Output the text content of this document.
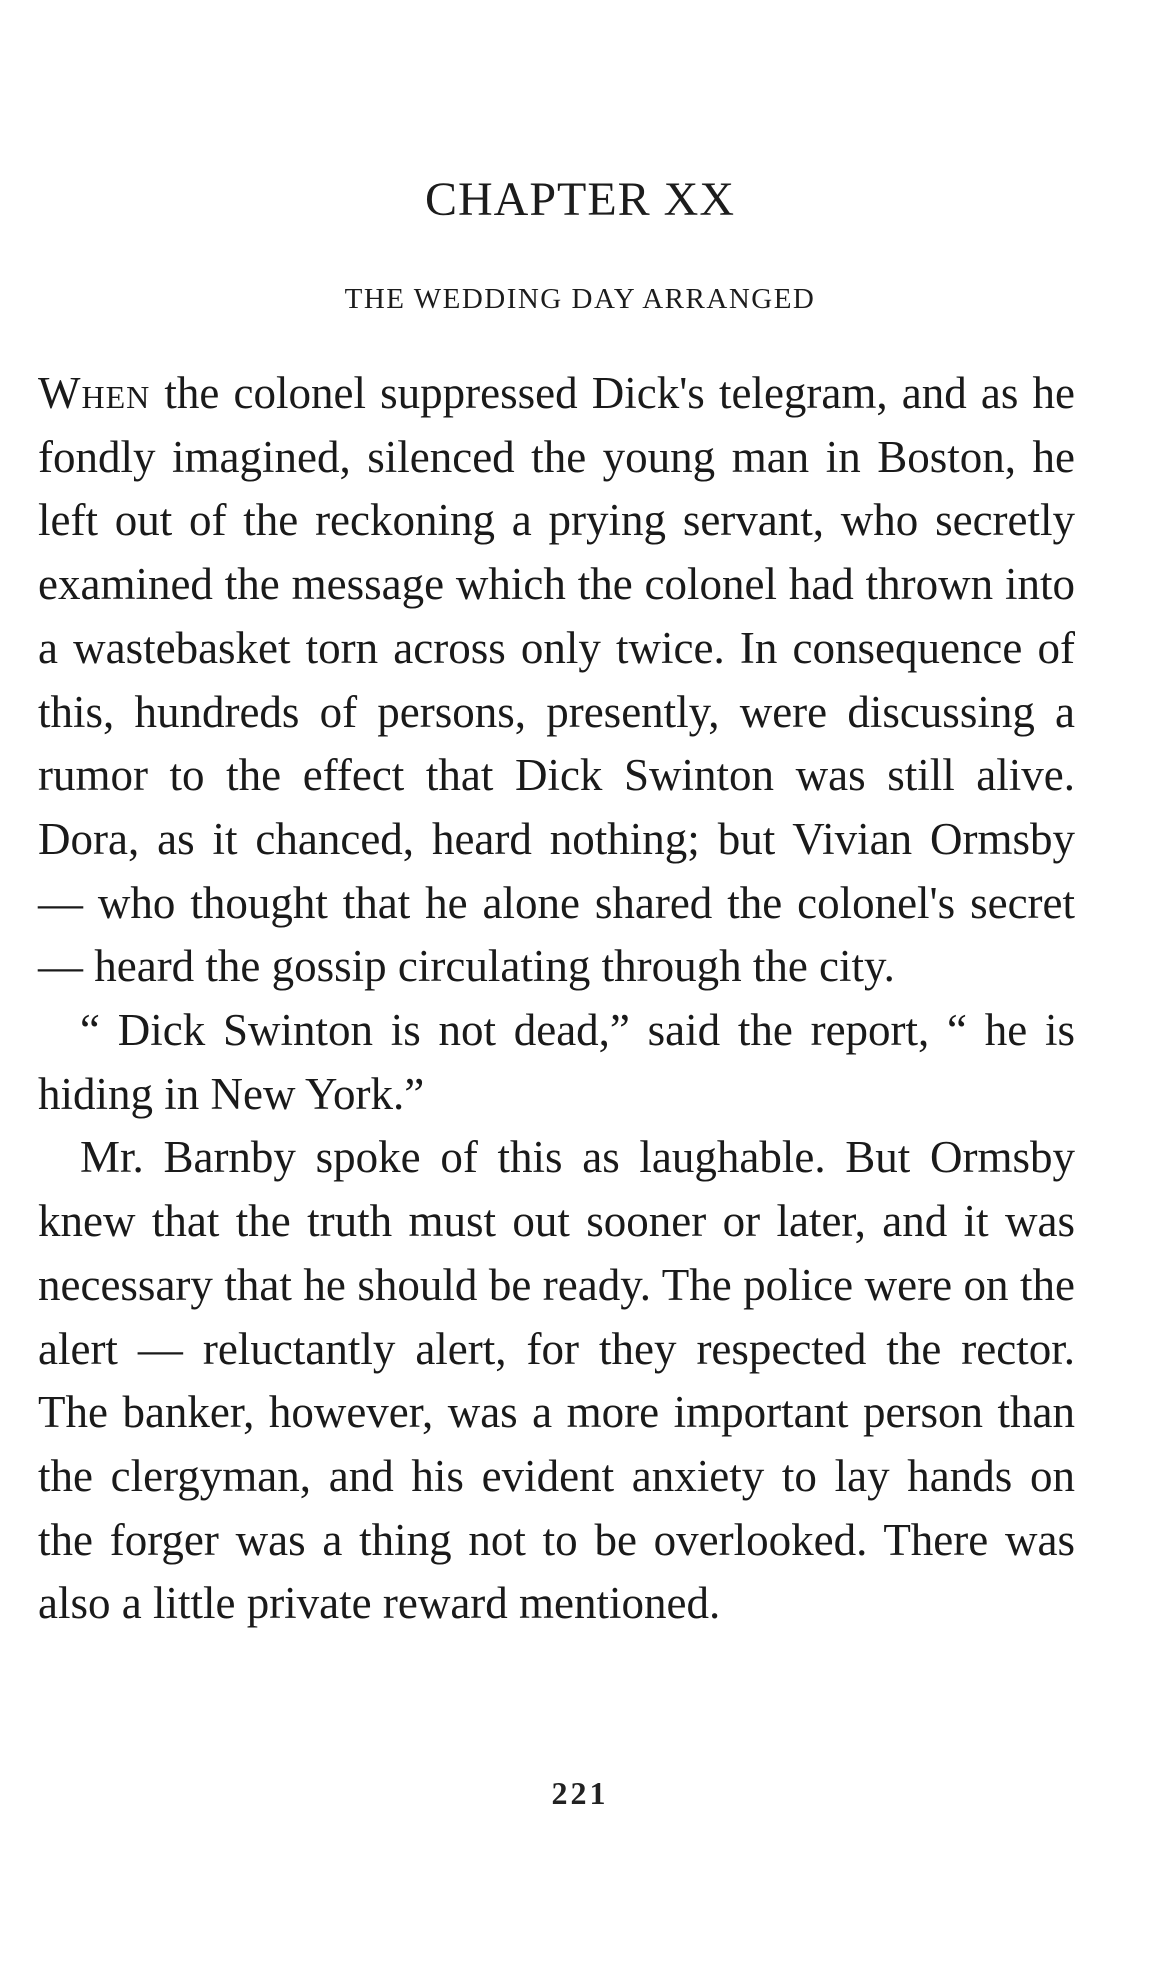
CHAPTER XX
THE WEDDING DAY ARRANGED

When the colonel suppressed Dick's telegram, and as he fondly imagined, silenced the young man in Boston, he left out of the reckoning a prying servant, who secretly examined the message which the colonel had thrown into a wastebasket torn across only twice. In consequence of this, hundreds of persons, presently, were discussing a rumor to the effect that Dick Swinton was still alive. Dora, as it chanced, heard nothing; but Vivian Ormsby — who thought that he alone shared the colonel's secret — heard the gossip circulating through the city.

“ Dick Swinton is not dead,” said the report, “ he is hiding in New York.”

Mr. Barnby spoke of this as laughable. But Ormsby knew that the truth must out sooner or later, and it was necessary that he should be ready. The police were on the alert — reluctantly alert, for they respected the rector. The banker, however, was a more important person than the clergyman, and his evident anxiety to lay hands on the forger was a thing not to be overlooked. There was also a little private reward mentioned.

221
